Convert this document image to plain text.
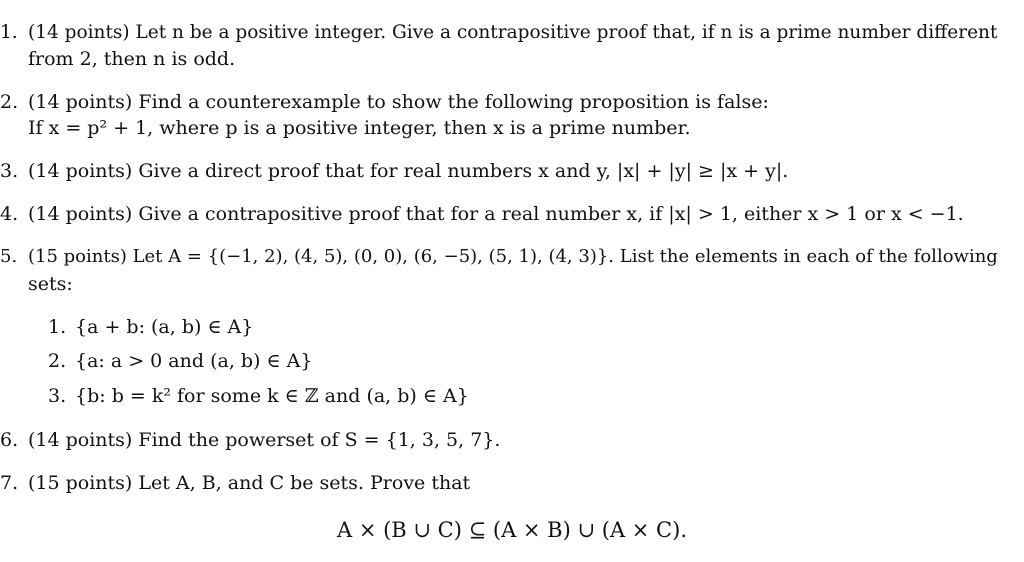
1. (14 points) Let n be a positive integer. Give a contrapositive proof that, if n is a prime number different
from 2, then n is odd.
2. (14 points) Find a counterexample to show the following proposition is false:
If x = p² + 1, where p is a positive integer, then x is a prime number.
3. (14 points) Give a direct proof that for real numbers x and y, |x| + |y| ≥ |x + y|.
4. (14 points) Give a contrapositive proof that for a real number x, if |x| > 1, either x > 1 or x < −1.
5. (15 points) Let A = {(−1, 2), (4, 5), (0, 0), (6, −5), (5, 1), (4, 3)}. List the elements in each of the following
sets:
1. {a + b: (a, b) ∈ A}
2. {a: a > 0 and (a, b) ∈ A}
3. {b: b = k² for some k ∈ ℤ and (a, b) ∈ A}
6. (14 points) Find the powerset of S = {1, 3, 5, 7}.
7. (15 points) Let A, B, and C be sets. Prove that
A × (B ∪ C) ⊆ (A × B) ∪ (A × C).
